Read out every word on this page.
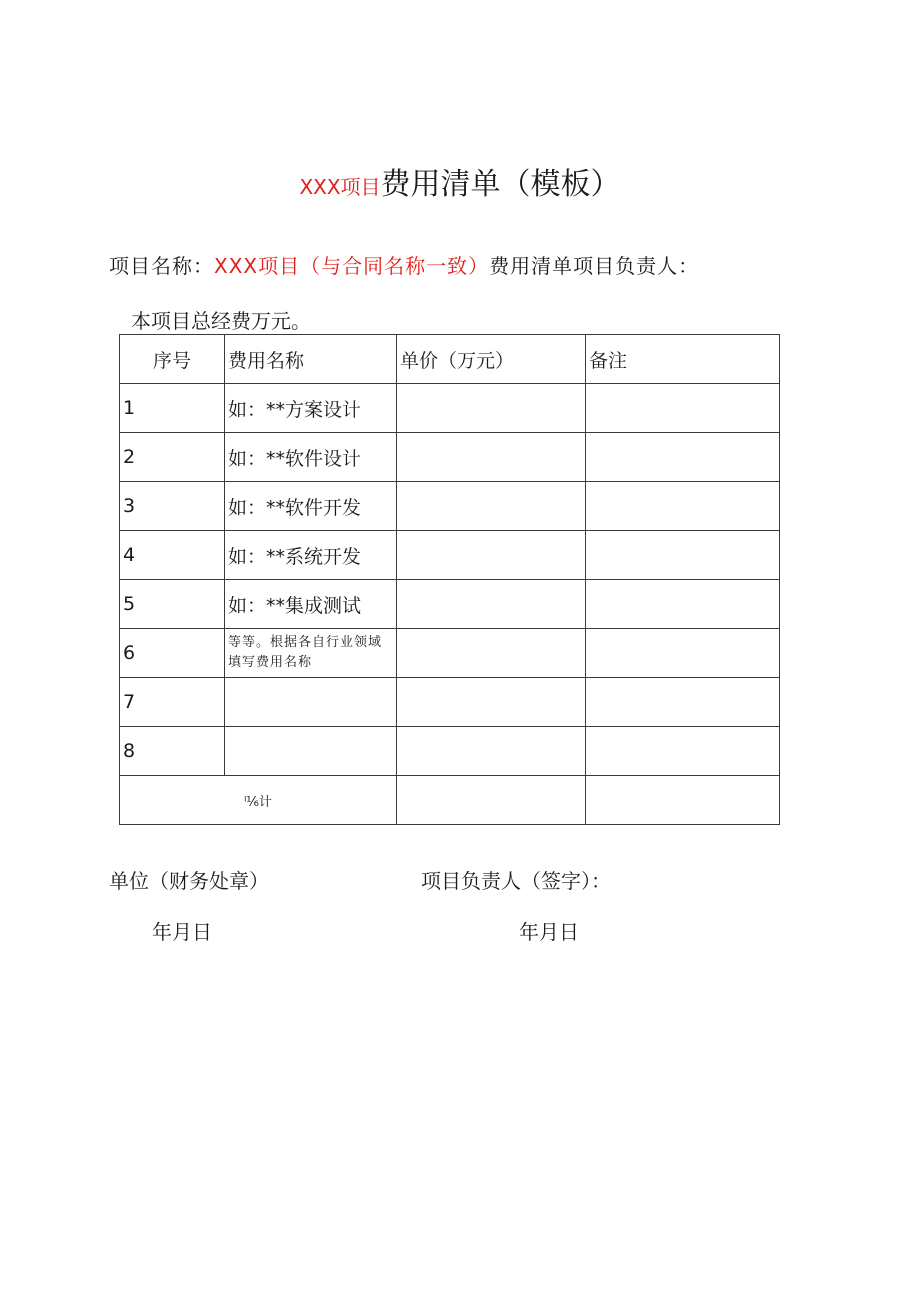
XXX项目费用清单（模板）
项目名称：XXX项目（与合同名称一致）费用清单项目负责人：
本项目总经费万元。
序号	费用名称	单价（万元）	备注
1	如：**方案设计		
2	如：**软件设计		
3	如：**软件开发		
4	如：**系统开发		
5	如：**集成测试		
6	等等。根据各自行业领域填写费用名称		
7			
8			
ˡ⅙计			
单位（财务处章）	项目负责人（签字）：
年月日	年月日
